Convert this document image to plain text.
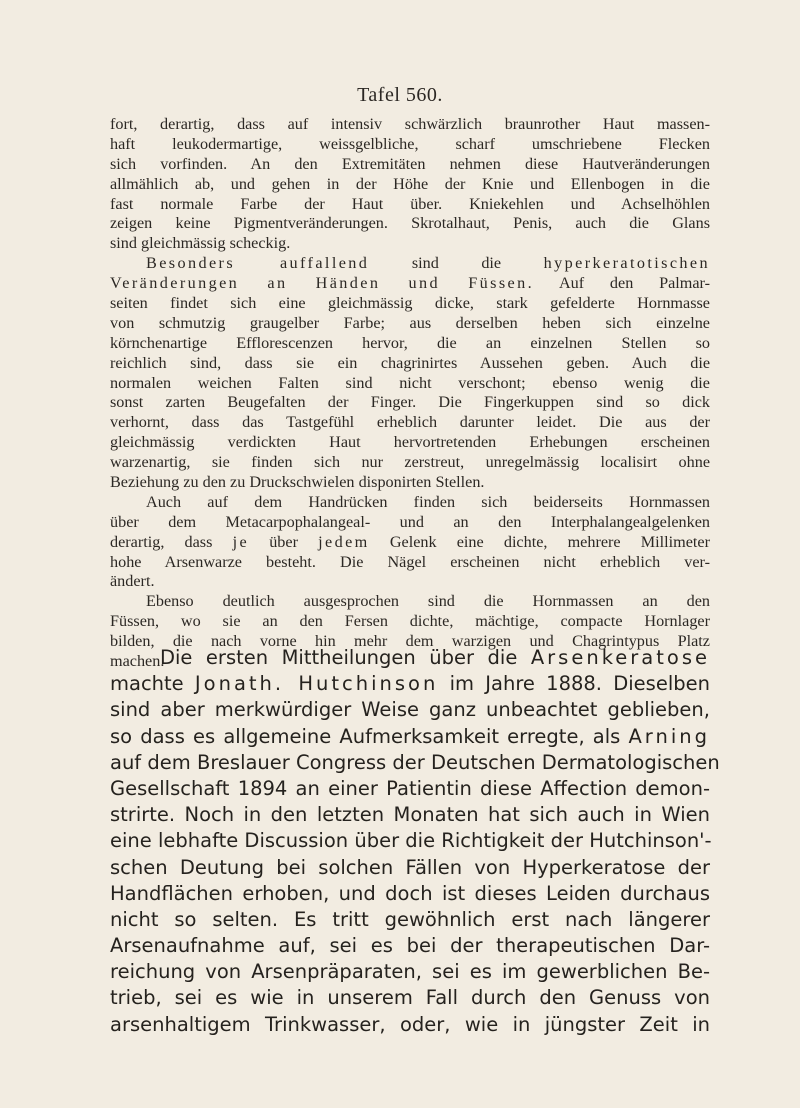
Tafel 560.
fort, derartig, dass auf intensiv schwärzlich braunrother Haut massen-
haft leukodermartige, weissgelbliche, scharf umschriebene Flecken
sich vorfinden. An den Extremitäten nehmen diese Hautveränderungen
allmählich ab, und gehen in der Höhe der Knie und Ellenbogen in die
fast normale Farbe der Haut über. Kniekehlen und Achselhöhlen
zeigen keine Pigmentveränderungen. Skrotalhaut, Penis, auch die Glans
sind gleichmässig scheckig.
Besonders auffallend sind die hyperkeratotischen
Veränderungen an Händen und Füssen. Auf den Palmar-
seiten findet sich eine gleichmässig dicke, stark gefelderte Hornmasse
von schmutzig graugelber Farbe; aus derselben heben sich einzelne
körnchenartige Efflorescenzen hervor, die an einzelnen Stellen so
reichlich sind, dass sie ein chagrinirtes Aussehen geben. Auch die
normalen weichen Falten sind nicht verschont; ebenso wenig die
sonst zarten Beugefalten der Finger. Die Fingerkuppen sind so dick
verhornt, dass das Tastgefühl erheblich darunter leidet. Die aus der
gleichmässig verdickten Haut hervortretenden Erhebungen erscheinen
warzenartig, sie finden sich nur zerstreut, unregelmässig localisirt ohne
Beziehung zu den zu Druckschwielen disponirten Stellen.
Auch auf dem Handrücken finden sich beiderseits Hornmassen
über dem Metacarpophalangeal- und an den Interphalangealgelenken
derartig, dass je über jedem Gelenk eine dichte, mehrere Millimeter
hohe Arsenwarze besteht. Die Nägel erscheinen nicht erheblich ver-
ändert.
Ebenso deutlich ausgesprochen sind die Hornmassen an den
Füssen, wo sie an den Fersen dichte, mächtige, compacte Hornlager
bilden, die nach vorne hin mehr dem warzigen und Chagrintypus Platz
machen.
Die ersten Mittheilungen über die Arsenkeratose
machte Jonath. Hutchinson im Jahre 1888. Dieselben
sind aber merkwürdiger Weise ganz unbeachtet geblieben,
so dass es allgemeine Aufmerksamkeit erregte, als Arning
auf dem Breslauer Congress der Deutschen Dermatologischen
Gesellschaft 1894 an einer Patientin diese Affection demon-
strirte. Noch in den letzten Monaten hat sich auch in Wien
eine lebhafte Discussion über die Richtigkeit der Hutchinson'-
schen Deutung bei solchen Fällen von Hyperkeratose der
Handflächen erhoben, und doch ist dieses Leiden durchaus
nicht so selten. Es tritt gewöhnlich erst nach längerer
Arsenaufnahme auf, sei es bei der therapeutischen Dar-
reichung von Arsenpräparaten, sei es im gewerblichen Be-
trieb, sei es wie in unserem Fall durch den Genuss von
arsenhaltigem Trinkwasser, oder, wie in jüngster Zeit in
